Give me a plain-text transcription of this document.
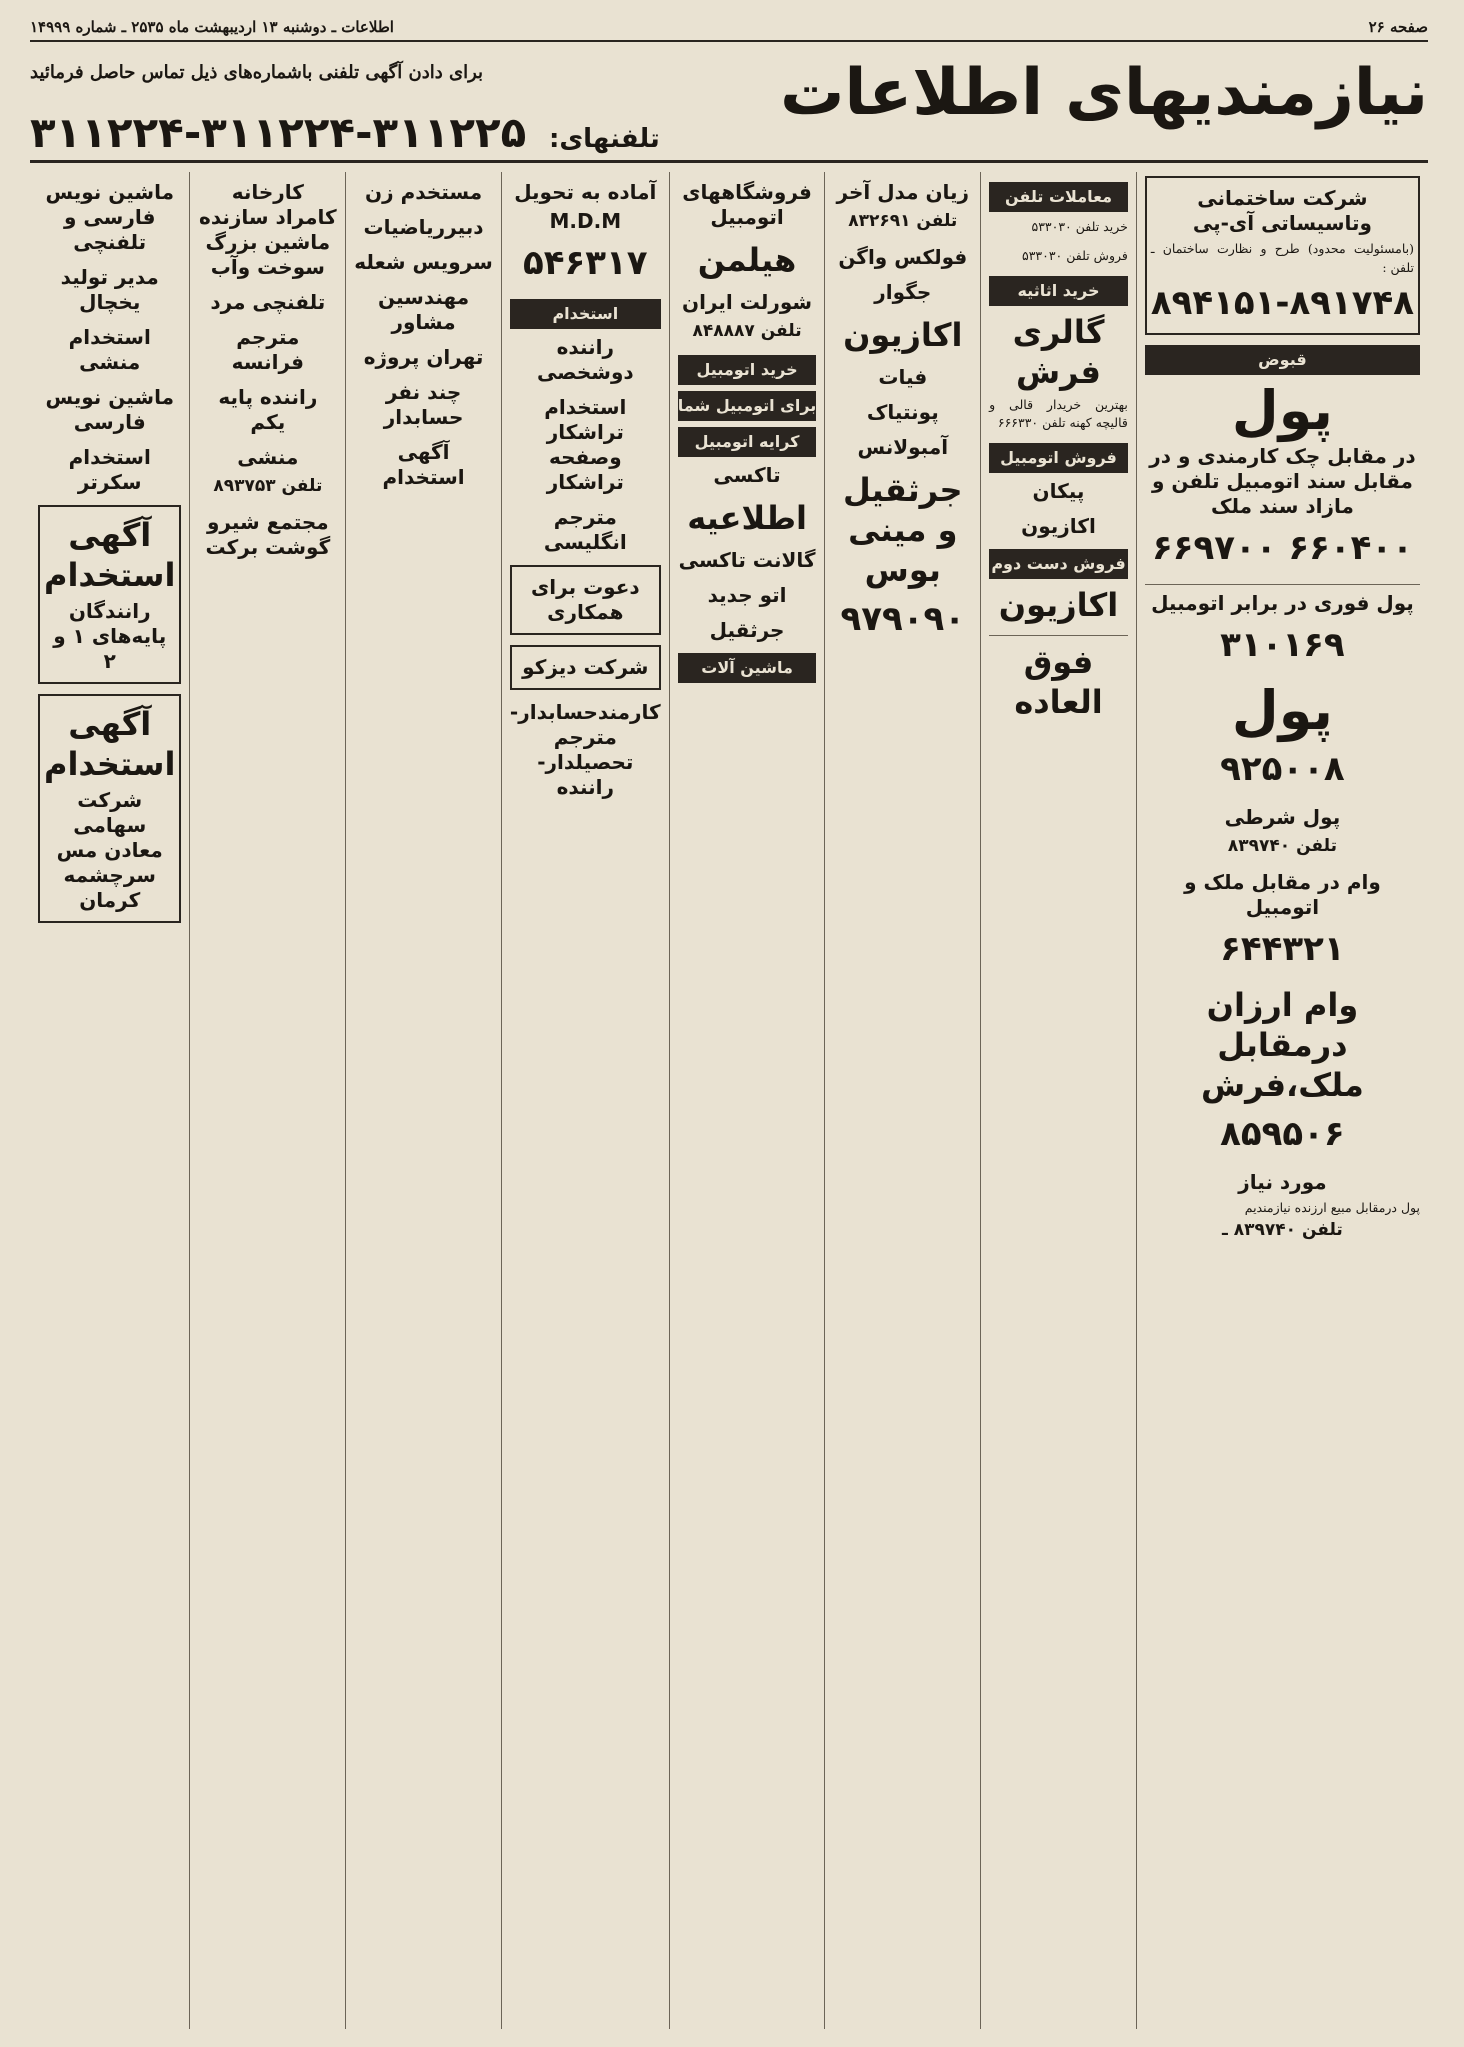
صفحه ۲۶
اطلاعات ـ دوشنبه ۱۳ اردیبهشت ماه ۲۵۳۵ ـ شماره ۱۴۹۹۹
نیازمندیهای اطلاعات
برای دادن آگهی تلفنی باشماره‌های ذیل تماس حاصل فرمائید
تلفنهای: ۳۱۱۲۲۵-۳۱۱۲۲۴-۳۱۱۲۲۴
شرکت ساختمانی وتاسیساتی آی-پی
(بامسئولیت محدود) طرح و نظارت ساختمان ـ تلفن :
۸۹۴۱۵۱-۸۹۱۷۴۸
قبوض
پول
در مقابل چک کارمندی و در مقابل سند اتومبیل تلفن و مازاد سند ملک
۶۶۰۴۰۰ ۶۶۹۷۰۰
پول فوری در برابر اتومبیل
۳۱۰۱۶۹
پول
۹۲۵۰۰۸
پول شرطی
تلفن ۸۳۹۷۴۰
وام در مقابل ملک و اتومبیل
۶۴۴۳۲۱
وام ارزان درمقابل ملک،فرش
۸۵۹۵۰۶
مورد نیاز
پول درمقابل مبیع ارزنده نیازمندیم
تلفن ۸۳۹۷۴۰ ـ
معاملات تلفن
خرید تلفن ۵۳۳۰۳۰
فروش تلفن ۵۳۳۰۳۰
خرید اثاثیه
گالری فرش
بهترین خریدار قالی و قالیچه کهنه تلفن ۶۶۶۳۳۰
فروش اتومبیل
پیکان
اکازیون
فروش دست دوم
اکازیون
فوق العاده
زیان مدل آخر
تلفن ۸۳۲۶۹۱
فولکس واگن
جگوار
اکازیون
فیات
پونتیاک
آمبولانس
جرثقیل و مینی بوس
۹۷۹۰۹۰
فروشگاههای اتومبیل
هیلمن
شورلت ایران
تلفن ۸۴۸۸۸۷
خرید اتومبیل
برای اتومبیل شما
کرایه اتومبیل
تاکسی
اطلاعیه
گالانت تاکسی
اتو جدید
جرثقیل
ماشین آلات
آماده به تحویل
M.D.M
۵۴۶۳۱۷
استخدام
راننده دوشخصی
استخدام تراشکار وصفحه تراشکار
مترجم انگلیسی
دعوت برای همکاری
شرکت دیزکو
کارمندحسابدار-مترجم تحصیلدار-راننده
مستخدم زن
دبیرریاضیات
سرویس شعله
مهندسین مشاور
تهران پروژه
چند نفر حسابدار
آگهی استخدام
کارخانه کامراد سازنده ماشین بزرگ سوخت وآب
تلفنچی مرد
مترجم فرانسه
راننده پایه یکم
منشی
تلفن ۸۹۳۷۵۳
مجتمع شیرو گوشت برکت
ماشین نویس فارسی و تلفنچی
مدیر تولید یخچال
استخدام منشی
ماشین نویس فارسی
استخدام سکرتر
آگهی استخدام
رانندگان پایه‌های ۱ و ۲
آگهی استخدام
شرکت سهامی معادن مس سرچشمه کرمان
